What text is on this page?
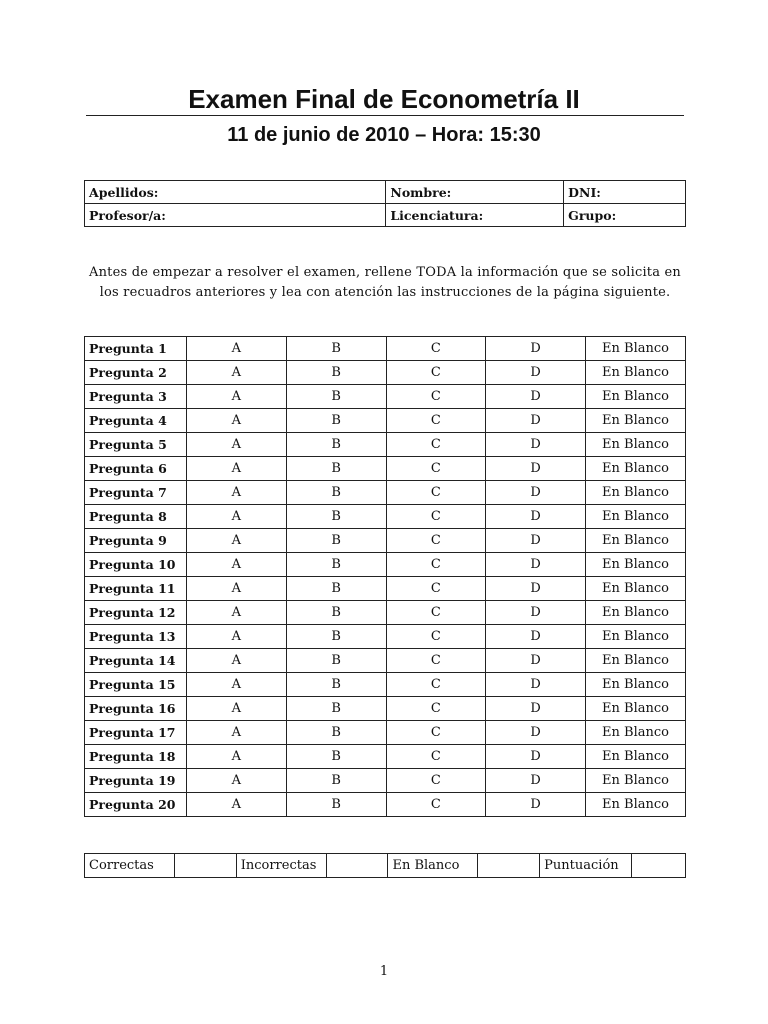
Examen Final de Econometría II
11 de junio de 2010 – Hora: 15:30
Apellidos:	Nombre:	DNI:
Profesor/a:	Licenciatura:	Grupo:
Antes de empezar a resolver el examen, rellene TODA la información que se solicita en
los recuadros anteriores y lea con atención las instrucciones de la página siguiente.
Pregunta 1	A	B	C	D	En Blanco
Pregunta 2	A	B	C	D	En Blanco
Pregunta 3	A	B	C	D	En Blanco
Pregunta 4	A	B	C	D	En Blanco
Pregunta 5	A	B	C	D	En Blanco
Pregunta 6	A	B	C	D	En Blanco
Pregunta 7	A	B	C	D	En Blanco
Pregunta 8	A	B	C	D	En Blanco
Pregunta 9	A	B	C	D	En Blanco
Pregunta 10	A	B	C	D	En Blanco
Pregunta 11	A	B	C	D	En Blanco
Pregunta 12	A	B	C	D	En Blanco
Pregunta 13	A	B	C	D	En Blanco
Pregunta 14	A	B	C	D	En Blanco
Pregunta 15	A	B	C	D	En Blanco
Pregunta 16	A	B	C	D	En Blanco
Pregunta 17	A	B	C	D	En Blanco
Pregunta 18	A	B	C	D	En Blanco
Pregunta 19	A	B	C	D	En Blanco
Pregunta 20	A	B	C	D	En Blanco
Correctas		Incorrectas		En Blanco		Puntuación	
1
